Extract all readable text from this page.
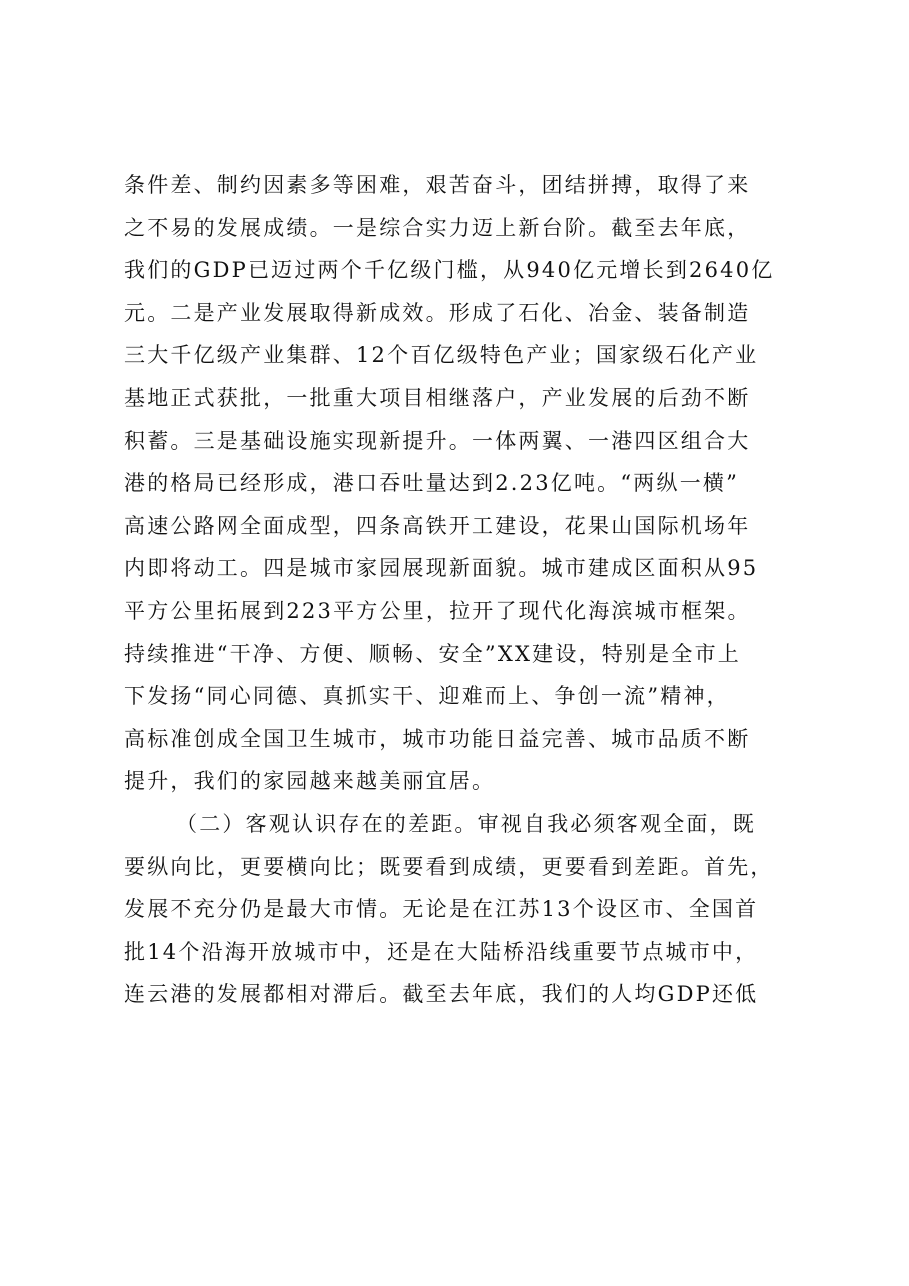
条件差、制约因素多等困难，艰苦奋斗，团结拼搏，取得了来
之不易的发展成绩。一是综合实力迈上新台阶。截至去年底，
我们的GDP已迈过两个千亿级门槛，从940亿元增长到2640亿
元。二是产业发展取得新成效。形成了石化、冶金、装备制造
三大千亿级产业集群、12个百亿级特色产业；国家级石化产业
基地正式获批，一批重大项目相继落户，产业发展的后劲不断
积蓄。三是基础设施实现新提升。一体两翼、一港四区组合大
港的格局已经形成，港口吞吐量达到2.23亿吨。“两纵一横”
高速公路网全面成型，四条高铁开工建设，花果山国际机场年
内即将动工。四是城市家园展现新面貌。城市建成区面积从95
平方公里拓展到223平方公里，拉开了现代化海滨城市框架。
持续推进“干净、方便、顺畅、安全”XX建设，特别是全市上
下发扬“同心同德、真抓实干、迎难而上、争创一流”精神，
高标准创成全国卫生城市，城市功能日益完善、城市品质不断
提升，我们的家园越来越美丽宜居。
（二）客观认识存在的差距。审视自我必须客观全面，既
要纵向比，更要横向比；既要看到成绩，更要看到差距。首先，
发展不充分仍是最大市情。无论是在江苏13个设区市、全国首
批14个沿海开放城市中，还是在大陆桥沿线重要节点城市中，
连云港的发展都相对滞后。截至去年底，我们的人均GDP还低
